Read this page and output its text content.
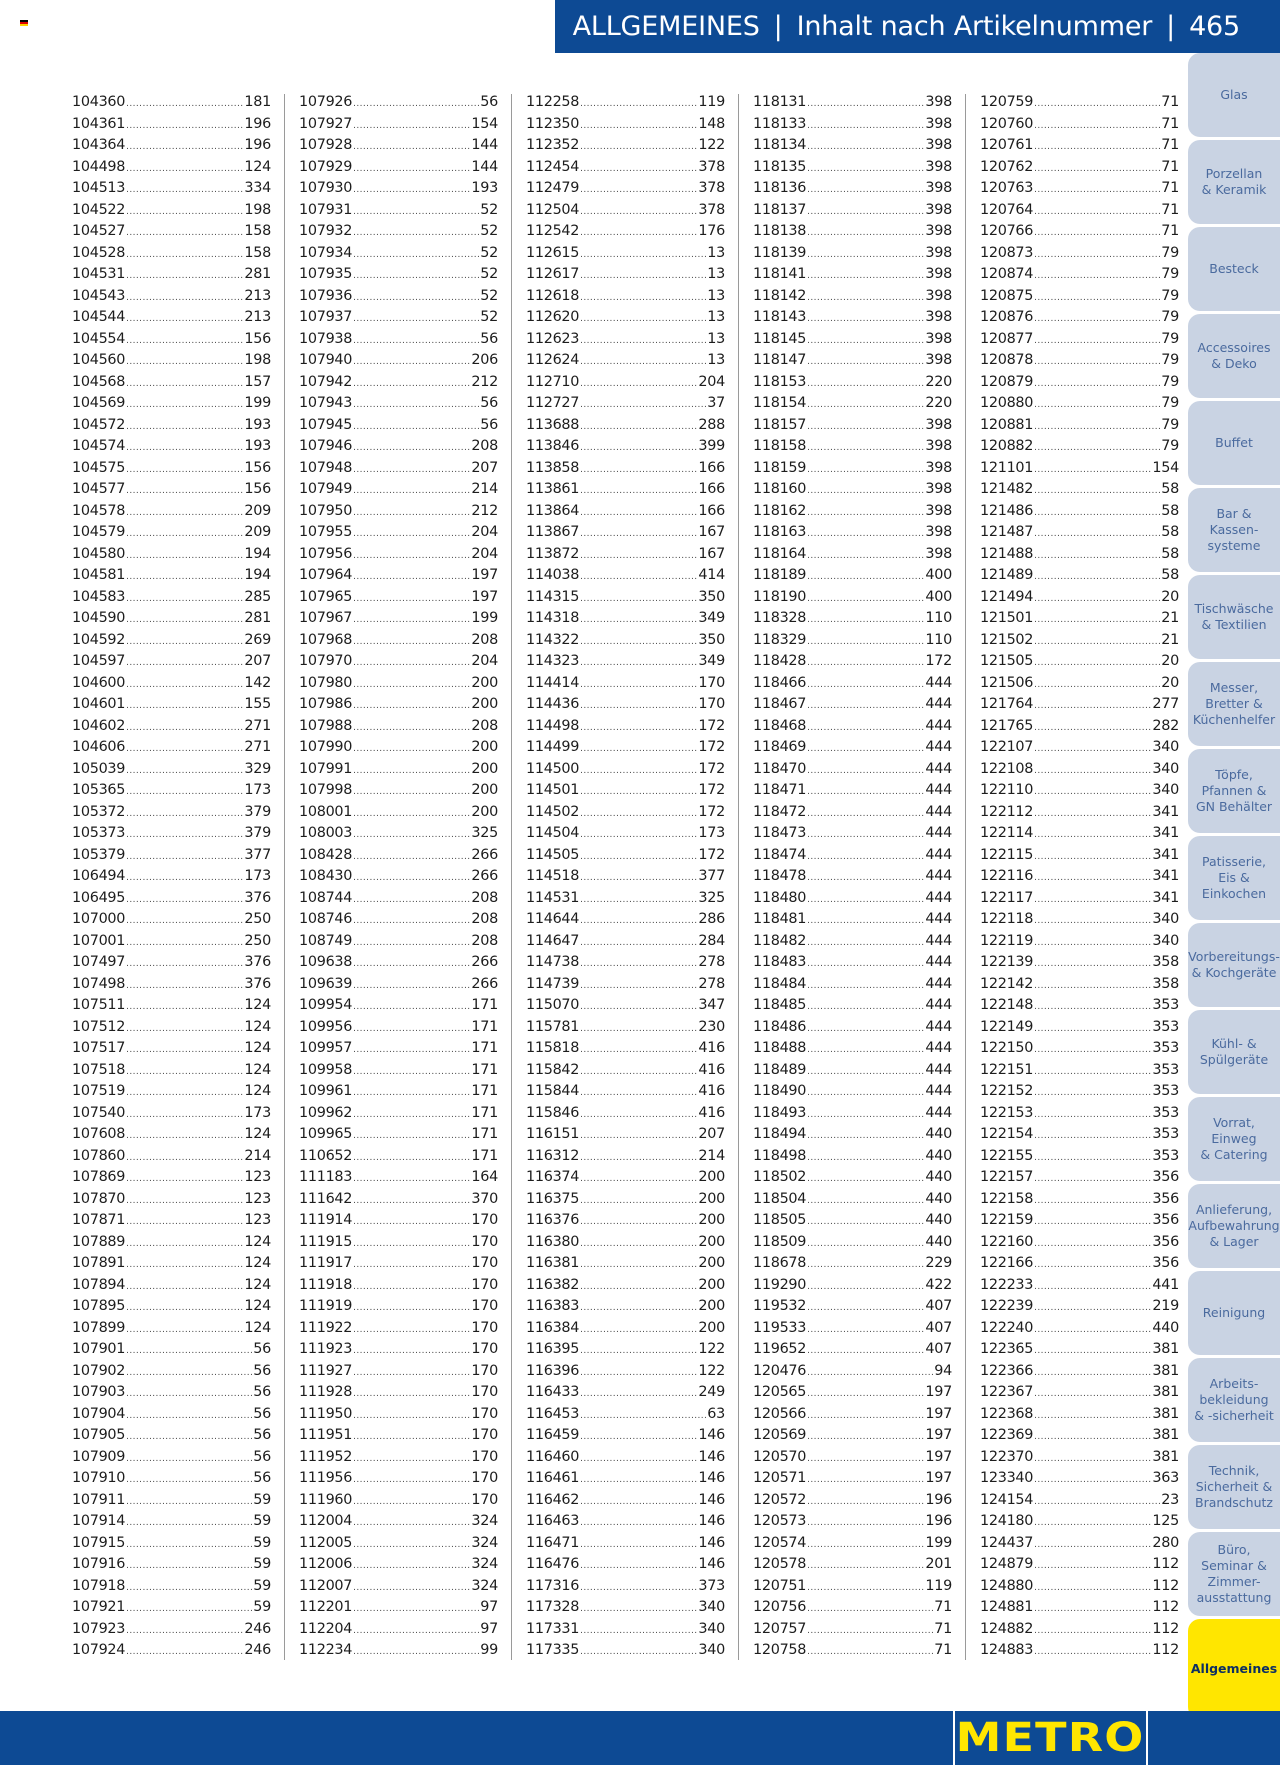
ALLGEMEINES | Inhalt nach Artikelnummer | 465
104360 .....	181
104361 .....	196
104364 .....	196
104498 .....	124
104513 .....	334
104522 .....	198
104527 .....	158
104528 .....	158
104531 .....	281
104543 .....	213
104544 .....	213
104554 .....	156
104560 .....	198
104568 .....	157
104569 .....	199
104572 .....	193
104574 .....	193
104575 .....	156
104577 .....	156
104578 .....	209
104579 .....	209
104580 .....	194
104581 .....	194
104583 .....	285
104590 .....	281
104592 .....	269
104597 .....	207
104600 .....	142
104601 .....	155
104602 .....	271
104606 .....	271
105039 .....	329
105365 .....	173
105372 .....	379
105373 .....	379
105379 .....	377
106494 .....	173
106495 .....	376
107000 .....	250
107001 .....	250
107497 .....	376
107498 .....	376
107511 .....	124
107512 .....	124
107517 .....	124
107518 .....	124
107519 .....	124
107540 .....	173
107608 .....	124
107860 .....	214
107869 .....	123
107870 .....	123
107871 .....	123
107889 .....	124
107891 .....	124
107894 .....	124
107895 .....	124
107899 .....	124
107901 .....	56
107902 .....	56
107903 .....	56
107904 .....	56
107905 .....	56
107909 .....	56
107910 .....	56
107911 .....	59
107914 .....	59
107915 .....	59
107916 .....	59
107918 .....	59
107921 .....	59
107923 .....	246
107924 .....	246
107926 .....	56
107927 .....	154
107928 .....	144
107929 .....	144
107930 .....	193
107931 .....	52
107932 .....	52
107934 .....	52
107935 .....	52
107936 .....	52
107937 .....	52
107938 .....	56
107940 .....	206
107942 .....	212
107943 .....	56
107945 .....	56
107946 .....	208
107948 .....	207
107949 .....	214
107950 .....	212
107955 .....	204
107956 .....	204
107964 .....	197
107965 .....	197
107967 .....	199
107968 .....	208
107970 .....	204
107980 .....	200
107986 .....	200
107988 .....	208
107990 .....	200
107991 .....	200
107998 .....	200
108001 .....	200
108003 .....	325
108428 .....	266
108430 .....	266
108744 .....	208
108746 .....	208
108749 .....	208
109638 .....	266
109639 .....	266
109954 .....	171
109956 .....	171
109957 .....	171
109958 .....	171
109961 .....	171
109962 .....	171
109965 .....	171
110652 .....	171
111183 .....	164
111642 .....	370
111914 .....	170
111915 .....	170
111917 .....	170
111918 .....	170
111919 .....	170
111922 .....	170
111923 .....	170
111927 .....	170
111928 .....	170
111950 .....	170
111951 .....	170
111952 .....	170
111956 .....	170
111960 .....	170
112004 .....	324
112005 .....	324
112006 .....	324
112007 .....	324
112201 .....	97
112204 .....	97
112234 .....	99
112258 .....	119
112350 .....	148
112352 .....	122
112454 .....	378
112479 .....	378
112504 .....	378
112542 .....	176
112615 .....	13
112617 .....	13
112618 .....	13
112620 .....	13
112623 .....	13
112624 .....	13
112710 .....	204
112727 .....	37
113688 .....	288
113846 .....	399
113858 .....	166
113861 .....	166
113864 .....	166
113867 .....	167
113872 .....	167
114038 .....	414
114315 .....	350
114318 .....	349
114322 .....	350
114323 .....	349
114414 .....	170
114436 .....	170
114498 .....	172
114499 .....	172
114500 .....	172
114501 .....	172
114502 .....	172
114504 .....	173
114505 .....	172
114518 .....	377
114531 .....	325
114644 .....	286
114647 .....	284
114738 .....	278
114739 .....	278
115070 .....	347
115781 .....	230
115818 .....	416
115842 .....	416
115844 .....	416
115846 .....	416
116151 .....	207
116312 .....	214
116374 .....	200
116375 .....	200
116376 .....	200
116380 .....	200
116381 .....	200
116382 .....	200
116383 .....	200
116384 .....	200
116395 .....	122
116396 .....	122
116433 .....	249
116453 .....	63
116459 .....	146
116460 .....	146
116461 .....	146
116462 .....	146
116463 .....	146
116471 .....	146
116476 .....	146
117316 .....	373
117328 .....	340
117331 .....	340
117335 .....	340
118131 .....	398
118133 .....	398
118134 .....	398
118135 .....	398
118136 .....	398
118137 .....	398
118138 .....	398
118139 .....	398
118141 .....	398
118142 .....	398
118143 .....	398
118145 .....	398
118147 .....	398
118153 .....	220
118154 .....	220
118157 .....	398
118158 .....	398
118159 .....	398
118160 .....	398
118162 .....	398
118163 .....	398
118164 .....	398
118189 .....	400
118190 .....	400
118328 .....	110
118329 .....	110
118428 .....	172
118466 .....	444
118467 .....	444
118468 .....	444
118469 .....	444
118470 .....	444
118471 .....	444
118472 .....	444
118473 .....	444
118474 .....	444
118478 .....	444
118480 .....	444
118481 .....	444
118482 .....	444
118483 .....	444
118484 .....	444
118485 .....	444
118486 .....	444
118488 .....	444
118489 .....	444
118490 .....	444
118493 .....	444
118494 .....	440
118498 .....	440
118502 .....	440
118504 .....	440
118505 .....	440
118509 .....	440
118678 .....	229
119290 .....	422
119532 .....	407
119533 .....	407
119652 .....	407
120476 .....	94
120565 .....	197
120566 .....	197
120569 .....	197
120570 .....	197
120571 .....	197
120572 .....	196
120573 .....	196
120574 .....	199
120578 .....	201
120751 .....	119
120756 .....	71
120757 .....	71
120758 .....	71
120759 .....	71
120760 .....	71
120761 .....	71
120762 .....	71
120763 .....	71
120764 .....	71
120766 .....	71
120873 .....	79
120874 .....	79
120875 .....	79
120876 .....	79
120877 .....	79
120878 .....	79
120879 .....	79
120880 .....	79
120881 .....	79
120882 .....	79
121101 .....	154
121482 .....	58
121486 .....	58
121487 .....	58
121488 .....	58
121489 .....	58
121494 .....	20
121501 .....	21
121502 .....	21
121505 .....	20
121506 .....	20
121764 .....	277
121765 .....	282
122107 .....	340
122108 .....	340
122110 .....	340
122112 .....	341
122114 .....	341
122115 .....	341
122116 .....	341
122117 .....	341
122118 .....	340
122119 .....	340
122139 .....	358
122142 .....	358
122148 .....	353
122149 .....	353
122150 .....	353
122151 .....	353
122152 .....	353
122153 .....	353
122154 .....	353
122155 .....	353
122157 .....	356
122158 .....	356
122159 .....	356
122160 .....	356
122166 .....	356
122233 .....	441
122239 .....	219
122240 .....	440
122365 .....	381
122366 .....	381
122367 .....	381
122368 .....	381
122369 .....	381
122370 .....	381
123340 .....	363
124154 .....	23
124180 .....	125
124437 .....	280
124879 .....	112
124880 .....	112
124881 .....	112
124882 .....	112
124883 .....	112
Glas
Porzellan
& Keramik
Besteck
Accessoires
& Deko
Buffet
Bar &
Kassen-
systeme
Tischwäsche
& Textilien
Messer,
Bretter &
Küchenhelfer
Töpfe,
Pfannen &
GN Behälter
Patisserie,
Eis &
Einkochen
Vorbereitungs-
& Kochgeräte
Kühl- &
Spülgeräte
Vorrat,
Einweg
& Catering
Anlieferung,
Aufbewahrung
& Lager
Reinigung
Arbeits-
bekleidung
& -sicherheit
Technik,
Sicherheit &
Brandschutz
Büro,
Seminar &
Zimmer-
ausstattung
Allgemeines
METRO
